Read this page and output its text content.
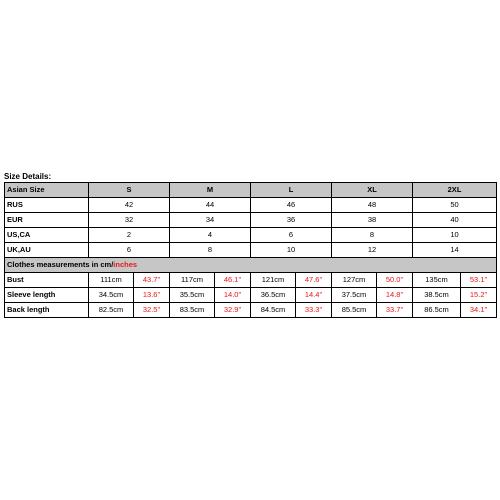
Size Details:
Asian Size	S		M		L		XL		2XL	
RUS	42		44		46		48		50	
EUR	32		34		36		38		40	
US,CA	2		4		6		8		10	
UK,AU	6		8		10		12		14	
Clothes measurements in cm/inches										
Bust	111cm	43.7"	117cm	46.1"	121cm	47.6"	127cm	50.0"	135cm	53.1"
Sleeve length	34.5cm	13.6"	35.5cm	14.0"	36.5cm	14.4"	37.5cm	14.8"	38.5cm	15.2"
Back length	82.5cm	32.5"	83.5cm	32.9"	84.5cm	33.3"	85.5cm	33.7"	86.5cm	34.1"
